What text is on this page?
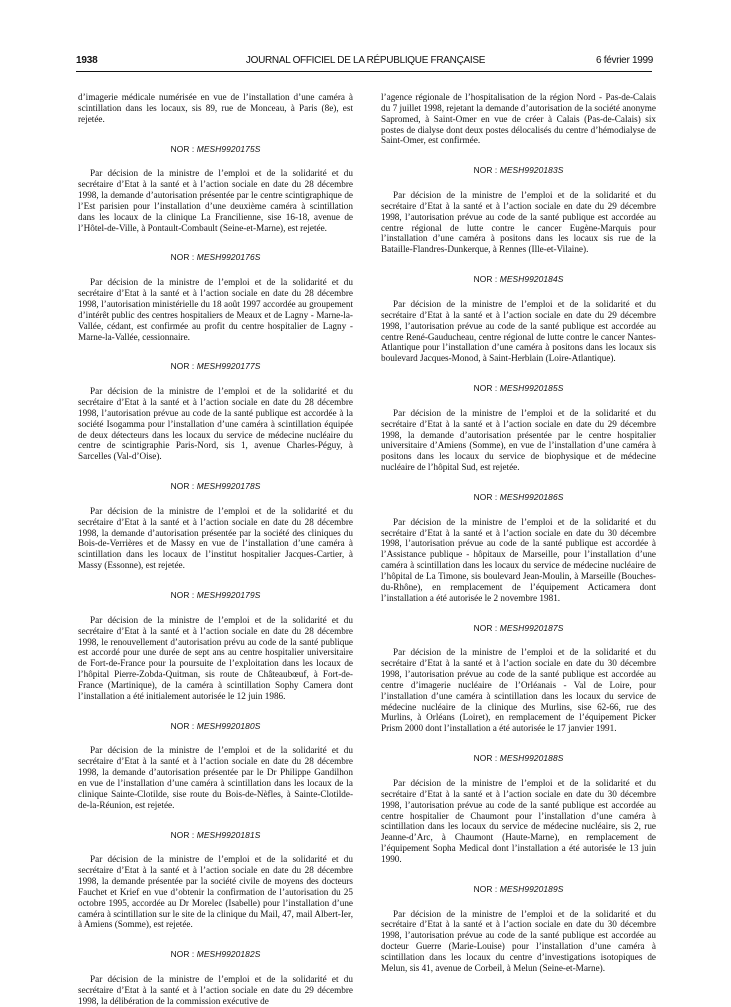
1938	JOURNAL OFFICIEL DE LA RÉPUBLIQUE FRANÇAISE	6 février 1999

d’imagerie médicale numérisée en vue de l’installation d’une caméra à scintillation dans les locaux, sis 89, rue de Monceau, à Paris (8e), est rejetée.

NOR : MESH9920175S

Par décision de la ministre de l’emploi et de la solidarité et du secrétaire d’Etat à la santé et à l’action sociale en date du 28 décembre 1998, la demande d’autorisation présentée par le centre scintigraphique de l’Est parisien pour l’installation d’une deuxième caméra à scintillation dans les locaux de la clinique La Francilienne, sise 16-18, avenue de l’Hôtel-de-Ville, à Pontault-Combault (Seine-et-Marne), est rejetée.

NOR : MESH9920176S

Par décision de la ministre de l’emploi et de la solidarité et du secrétaire d’Etat à la santé et à l’action sociale en date du 28 décembre 1998, l’autorisation ministérielle du 18 août 1997 accordée au groupement d’intérêt public des centres hospitaliers de Meaux et de Lagny - Marne-la-Vallée, cédant, est confirmée au profit du centre hospitalier de Lagny - Marne-la-Vallée, cessionnaire.

NOR : MESH9920177S

Par décision de la ministre de l’emploi et de la solidarité et du secrétaire d’Etat à la santé et à l’action sociale en date du 28 décembre 1998, l’autorisation prévue au code de la santé publique est accordée à la société Isogamma pour l’installation d’une caméra à scintillation équipée de deux détecteurs dans les locaux du service de médecine nucléaire du centre de scintigraphie Paris-Nord, sis 1, avenue Charles-Péguy, à Sarcelles (Val-d’Oise).

NOR : MESH9920178S

Par décision de la ministre de l’emploi et de la solidarité et du secrétaire d’Etat à la santé et à l’action sociale en date du 28 décembre 1998, la demande d’autorisation présentée par la société des cliniques du Bois-de-Verrières et de Massy en vue de l’installation d’une caméra à scintillation dans les locaux de l’institut hospitalier Jacques-Cartier, à Massy (Essonne), est rejetée.

NOR : MESH9920179S

Par décision de la ministre de l’emploi et de la solidarité et du secrétaire d’Etat à la santé et à l’action sociale en date du 28 décembre 1998, le renouvellement d’autorisation prévu au code de la santé publique est accordé pour une durée de sept ans au centre hospitalier universitaire de Fort-de-France pour la poursuite de l’exploitation dans les locaux de l’hôpital Pierre-Zobda-Quitman, sis route de Châteaubœuf, à Fort-de-France (Martinique), de la caméra à scintillation Sophy Camera dont l’installation a été initialement autorisée le 12 juin 1986.

NOR : MESH9920180S

Par décision de la ministre de l’emploi et de la solidarité et du secrétaire d’Etat à la santé et à l’action sociale en date du 28 décembre 1998, la demande d’autorisation présentée par le Dr Philippe Gandilhon en vue de l’installation d’une caméra à scintillation dans les locaux de la clinique Sainte-Clotilde, sise route du Bois-de-Nèfles, à Sainte-Clotilde-de-la-Réunion, est rejetée.

NOR : MESH9920181S

Par décision de la ministre de l’emploi et de la solidarité et du secrétaire d’Etat à la santé et à l’action sociale en date du 28 décembre 1998, la demande présentée par la société civile de moyens des docteurs Fauchet et Krief en vue d’obtenir la confirmation de l’autorisation du 25 octobre 1995, accordée au Dr Morelec (Isabelle) pour l’installation d’une caméra à scintillation sur le site de la clinique du Mail, 47, mail Albert-Ier, à Amiens (Somme), est rejetée.

NOR : MESH9920182S

Par décision de la ministre de l’emploi et de la solidarité et du secrétaire d’Etat à la santé et à l’action sociale en date du 29 décembre 1998, la délibération de la commission exécutive de

l’agence régionale de l’hospitalisation de la région Nord - Pas-de-Calais du 7 juillet 1998, rejetant la demande d’autorisation de la société anonyme Sapromed, à Saint-Omer en vue de créer à Calais (Pas-de-Calais) six postes de dialyse dont deux postes délocalisés du centre d’hémodialyse de Saint-Omer, est confirmée.

NOR : MESH9920183S

Par décision de la ministre de l’emploi et de la solidarité et du secrétaire d’Etat à la santé et à l’action sociale en date du 29 décembre 1998, l’autorisation prévue au code de la santé publique est accordée au centre régional de lutte contre le cancer Eugène-Marquis pour l’installation d’une caméra à positons dans les locaux sis rue de la Bataille-Flandres-Dunkerque, à Rennes (Ille-et-Vilaine).

NOR : MESH9920184S

Par décision de la ministre de l’emploi et de la solidarité et du secrétaire d’Etat à la santé et à l’action sociale en date du 29 décembre 1998, l’autorisation prévue au code de la santé publique est accordée au centre René-Gauducheau, centre régional de lutte contre le cancer Nantes-Atlantique pour l’installation d’une caméra à positons dans les locaux sis boulevard Jacques-Monod, à Saint-Herblain (Loire-Atlantique).

NOR : MESH9920185S

Par décision de la ministre de l’emploi et de la solidarité et du secrétaire d’Etat à la santé et à l’action sociale en date du 29 décembre 1998, la demande d’autorisation présentée par le centre hospitalier universitaire d’Amiens (Somme), en vue de l’installation d’une caméra à positons dans les locaux du service de biophysique et de médecine nucléaire de l’hôpital Sud, est rejetée.

NOR : MESH9920186S

Par décision de la ministre de l’emploi et de la solidarité et du secrétaire d’Etat à la santé et à l’action sociale en date du 30 décembre 1998, l’autorisation prévue au code de la santé publique est accordée à l’Assistance publique - hôpitaux de Marseille, pour l’installation d’une caméra à scintillation dans les locaux du service de médecine nucléaire de l’hôpital de La Timone, sis boulevard Jean-Moulin, à Marseille (Bouches-du-Rhône), en remplacement de l’équipement Acticamera dont l’installation a été autorisée le 2 novembre 1981.

NOR : MESH9920187S

Par décision de la ministre de l’emploi et de la solidarité et du secrétaire d’Etat à la santé et à l’action sociale en date du 30 décembre 1998, l’autorisation prévue au code de la santé publique est accordée au centre d’imagerie nucléaire de l’Orléanais - Val de Loire, pour l’installation d’une caméra à scintillation dans les locaux du service de médecine nucléaire de la clinique des Murlins, sise 62-66, rue des Murlins, à Orléans (Loiret), en remplacement de l’équipement Picker Prism 2000 dont l’installation a été autorisée le 17 janvier 1991.

NOR : MESH9920188S

Par décision de la ministre de l’emploi et de la solidarité et du secrétaire d’Etat à la santé et à l’action sociale en date du 30 décembre 1998, l’autorisation prévue au code de la santé publique est accordée au centre hospitalier de Chaumont pour l’installation d’une caméra à scintillation dans les locaux du service de médecine nucléaire, sis 2, rue Jeanne-d’Arc, à Chaumont (Haute-Marne), en remplacement de l’équipement Sopha Medical dont l’installation a été autorisée le 13 juin 1990.

NOR : MESH9920189S

Par décision de la ministre de l’emploi et de la solidarité et du secrétaire d’Etat à la santé et à l’action sociale en date du 30 décembre 1998, l’autorisation prévue au code de la santé publique est accordée au docteur Guerre (Marie-Louise) pour l’installation d’une caméra à scintillation dans les locaux du centre d’investigations isotopiques de Melun, sis 41, avenue de Corbeil, à Melun (Seine-et-Marne).
